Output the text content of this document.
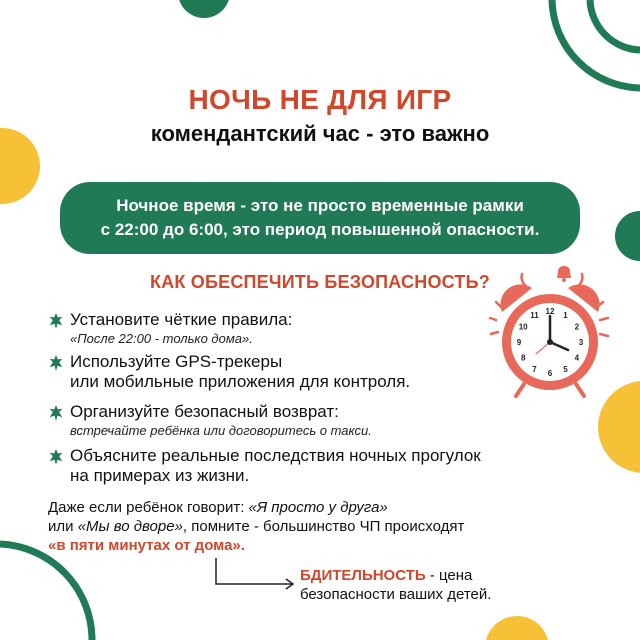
НОЧЬ НЕ ДЛЯ ИГР
комендантский час - это важно
Ночное время - это не просто временные рамки
с 22:00 до 6:00, это период повышенной опасности.
КАК ОБЕСПЕЧИТЬ БЕЗОПАСНОСТЬ?
Установите чёткие правила:
«После 22:00 - только дома».
Используйте GPS-трекеры
или мобильные приложения для контроля.
Организуйте безопасный возврат:
встречайте ребёнка или договоритесь о такси.
Объясните реальные последствия ночных прогулок
на примерах из жизни.
12 1
2
3
4
5
6
7
8
9
10
11
Даже если ребёнок говорит: «Я просто у друга»
или «Мы во дворе», помните - большинство ЧП происходят
«в пяти минутах от дома».
БДИТЕЛЬНОСТЬ - цена
безопасности ваших детей.
